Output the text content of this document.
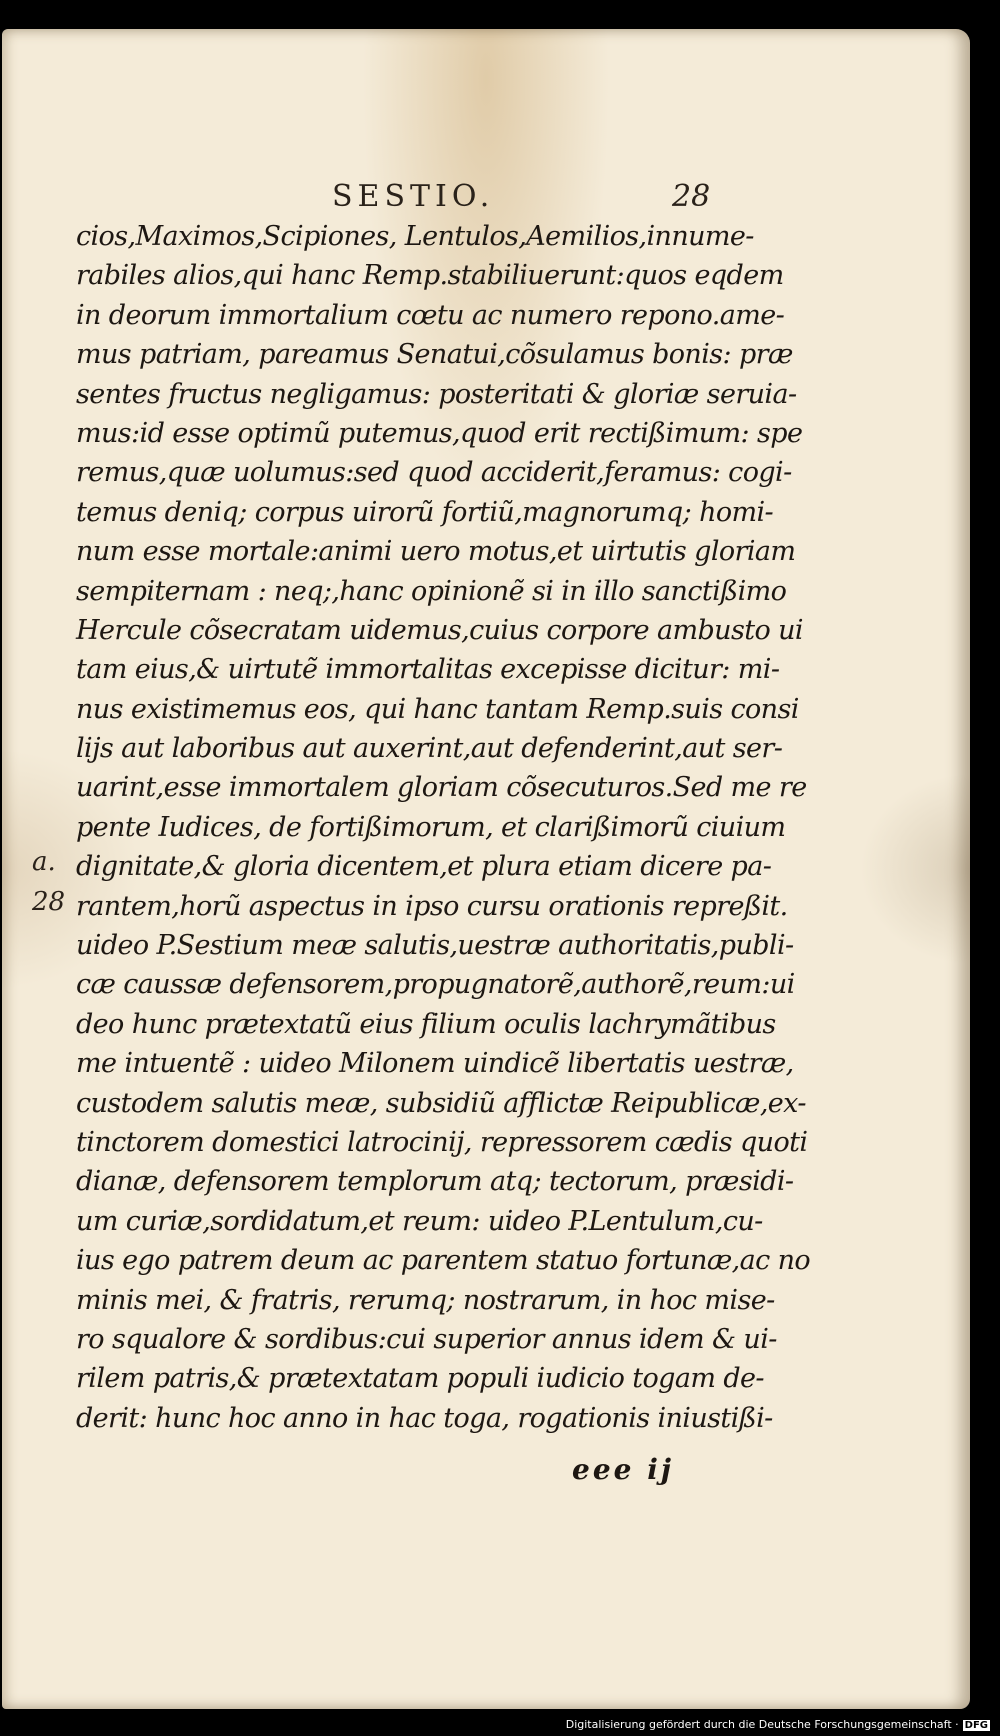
SESTIO.	28
cios,Maximos,Scipiones, Lentulos,Aemilios,innume-
rabiles alios,qui hanc Remp.stabiliuerunt:quos eqdem
in deorum immortalium cœtu ac numero repono.ame-
mus patriam, pareamus Senatui,cõsulamus bonis: præ
sentes fructus negligamus: posteritati & gloriæ seruia-
mus:id esse optimũ putemus,quod erit rectißimum: spe
remus,quæ uolumus:sed quod acciderit,feramus: cogi-
temus deniq; corpus uirorũ fortiũ,magnorumq; homi-
num esse mortale:animi uero motus,et uirtutis gloriam
sempiternam : neq;,hanc opinionẽ si in illo sanctißimo
Hercule cõsecratam uidemus,cuius corpore ambusto ui
tam eius,& uirtutẽ immortalitas excepisse dicitur: mi-
nus existimemus eos, qui hanc tantam Remp.suis consi
lijs aut laboribus aut auxerint,aut defenderint,aut ser-
uarint,esse immortalem gloriam cõsecuturos.Sed me re
pente Iudices, de fortißimorum, et clarißimorũ ciuium
dignitate,& gloria dicentem,et plura etiam dicere pa-
rantem,horũ aspectus in ipso cursu orationis repreßit.
uideo P.Sestium meæ salutis,uestræ authoritatis,publi-
cæ caussæ defensorem,propugnatorẽ,authorẽ,reum:ui
deo hunc prætextatũ eius filium oculis lachrymãtibus
me intuentẽ : uideo Milonem uindicẽ libertatis uestræ,
custodem salutis meæ, subsidiũ afflictæ Reipublicæ,ex-
tinctorem domestici latrocinij, repressorem cædis quoti
dianæ, defensorem templorum atq; tectorum, præsidi-
um curiæ,sordidatum,et reum: uideo P.Lentulum,cu-
ius ego patrem deum ac parentem statuo fortunæ,ac no
minis mei, & fratris, rerumq; nostrarum, in hoc mise-
ro squalore & sordibus:cui superior annus idem & ui-
rilem patris,& prætextatam populi iudicio togam de-
derit: hunc hoc anno in hac toga, rogationis iniustißi-
a.
28
eee ij
Digitalisierung gefördert durch die Deutsche Forschungsgemeinschaft · DFG
